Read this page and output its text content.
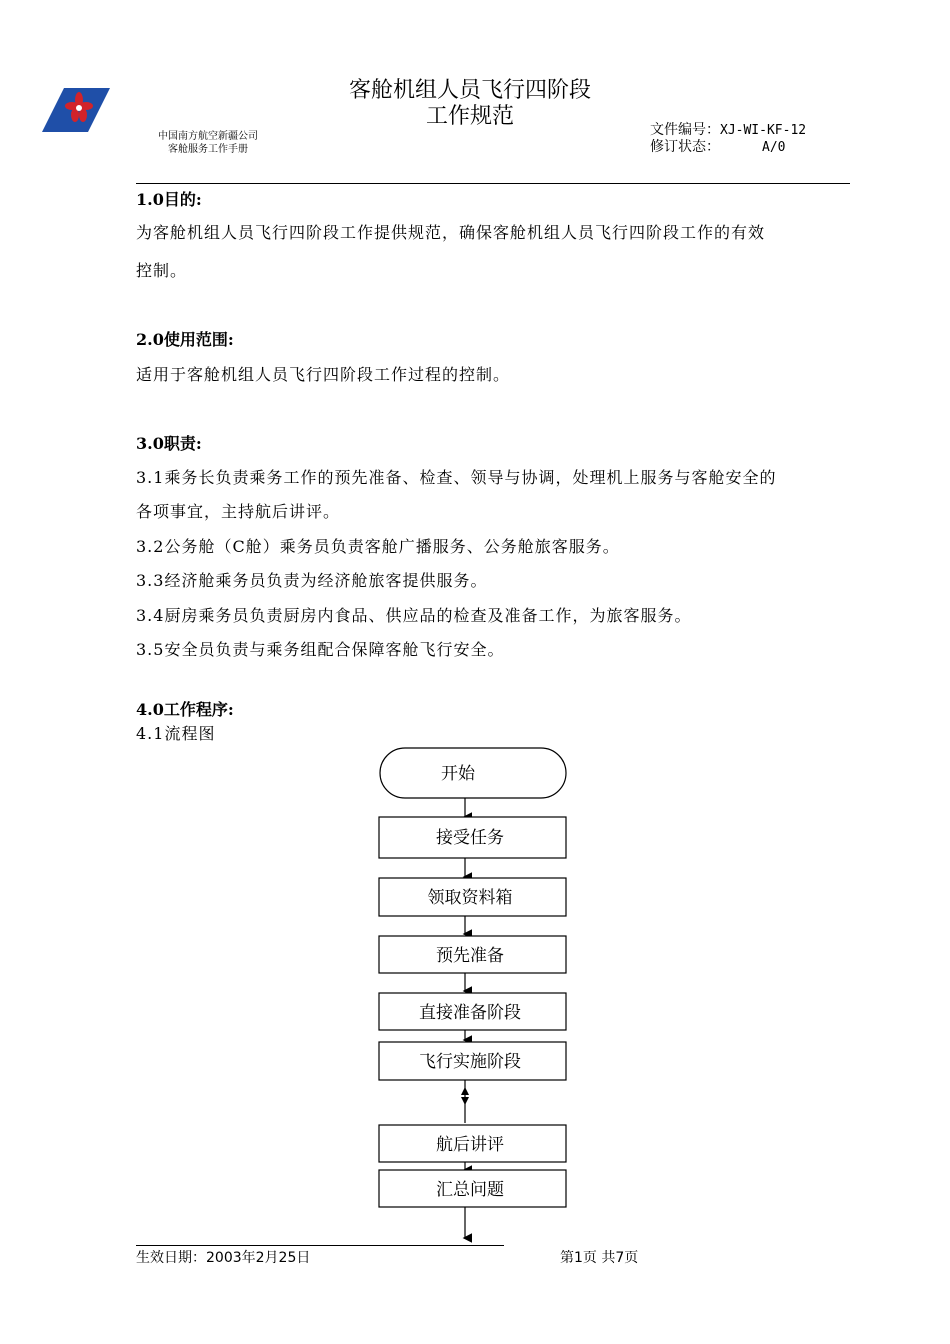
中国南方航空新疆公司
客舱服务工作手册
客舱机组人员飞行四阶段
工作规范
文件编号：XJ-WI-KF-12
修订状态：	A/0
1.0目的:
为客舱机组人员飞行四阶段工作提供规范，确保客舱机组人员飞行四阶段工作的有效
控制。
2.0使用范围:
适用于客舱机组人员飞行四阶段工作过程的控制。
3.0职责:
3.1乘务长负责乘务工作的预先准备、检查、领导与协调，处理机上服务与客舱安全的
各项事宜，主持航后讲评。
3.2公务舱（C舱）乘务员负责客舱广播服务、公务舱旅客服务。
3.3经济舱乘务员负责为经济舱旅客提供服务。
3.4厨房乘务员负责厨房内食品、供应品的检查及准备工作，为旅客服务。
3.5安全员负责与乘务组配合保障客舱飞行安全。
4.0工作程序:
4.1流程图
开始
接受任务
领取资料箱
预先准备
直接准备阶段
飞行实施阶段
航后讲评
汇总问题
生效日期：2003年2月25日	第1页 共7页
